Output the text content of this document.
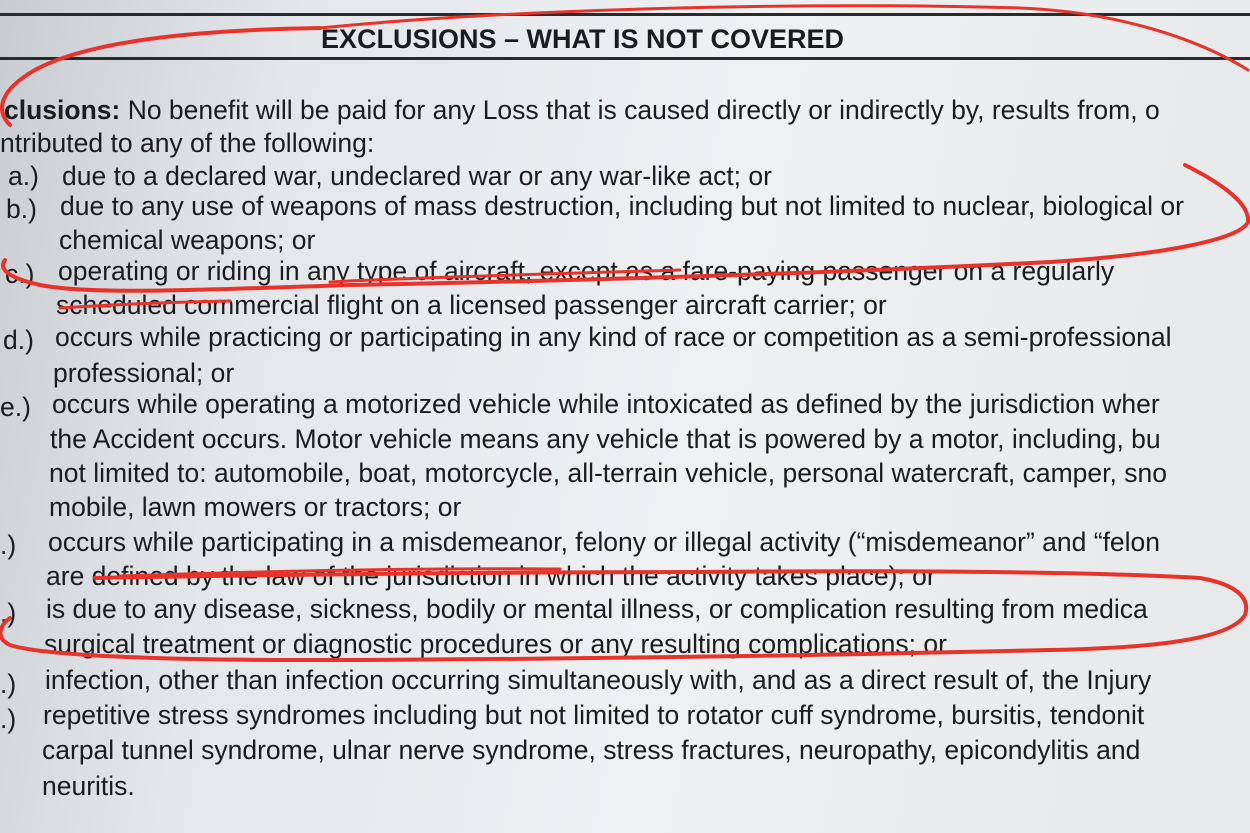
EXCLUSIONS – WHAT IS NOT COVERED
clusions: No benefit will be paid for any Loss that is caused directly or indirectly by, results from, o
ntributed to any of the following:
a.) due to a declared war, undeclared war or any war-like act; or
b.) due to any use of weapons of mass destruction, including but not limited to nuclear, biological or
chemical weapons; or
c.) operating or riding in any type of aircraft, except as a fare-paying passenger on a regularly
scheduled commercial flight on a licensed passenger aircraft carrier; or
d.) occurs while practicing or participating in any kind of race or competition as a semi-professional
professional; or
e.) occurs while operating a motorized vehicle while intoxicated as defined by the jurisdiction wher
the Accident occurs. Motor vehicle means any vehicle that is powered by a motor, including, bu
not limited to: automobile, boat, motorcycle, all-terrain vehicle, personal watercraft, camper, sno
mobile, lawn mowers or tractors; or
.) occurs while participating in a misdemeanor, felony or illegal activity (“misdemeanor” and “felon
are defined by the law of the jurisdiction in which the activity takes place); or
.) is due to any disease, sickness, bodily or mental illness, or complication resulting from medica
surgical treatment or diagnostic procedures or any resulting complications; or
.) infection, other than infection occurring simultaneously with, and as a direct result of, the Injury
.) repetitive stress syndromes including but not limited to rotator cuff syndrome, bursitis, tendonit
carpal tunnel syndrome, ulnar nerve syndrome, stress fractures, neuropathy, epicondylitis and
neuritis.
